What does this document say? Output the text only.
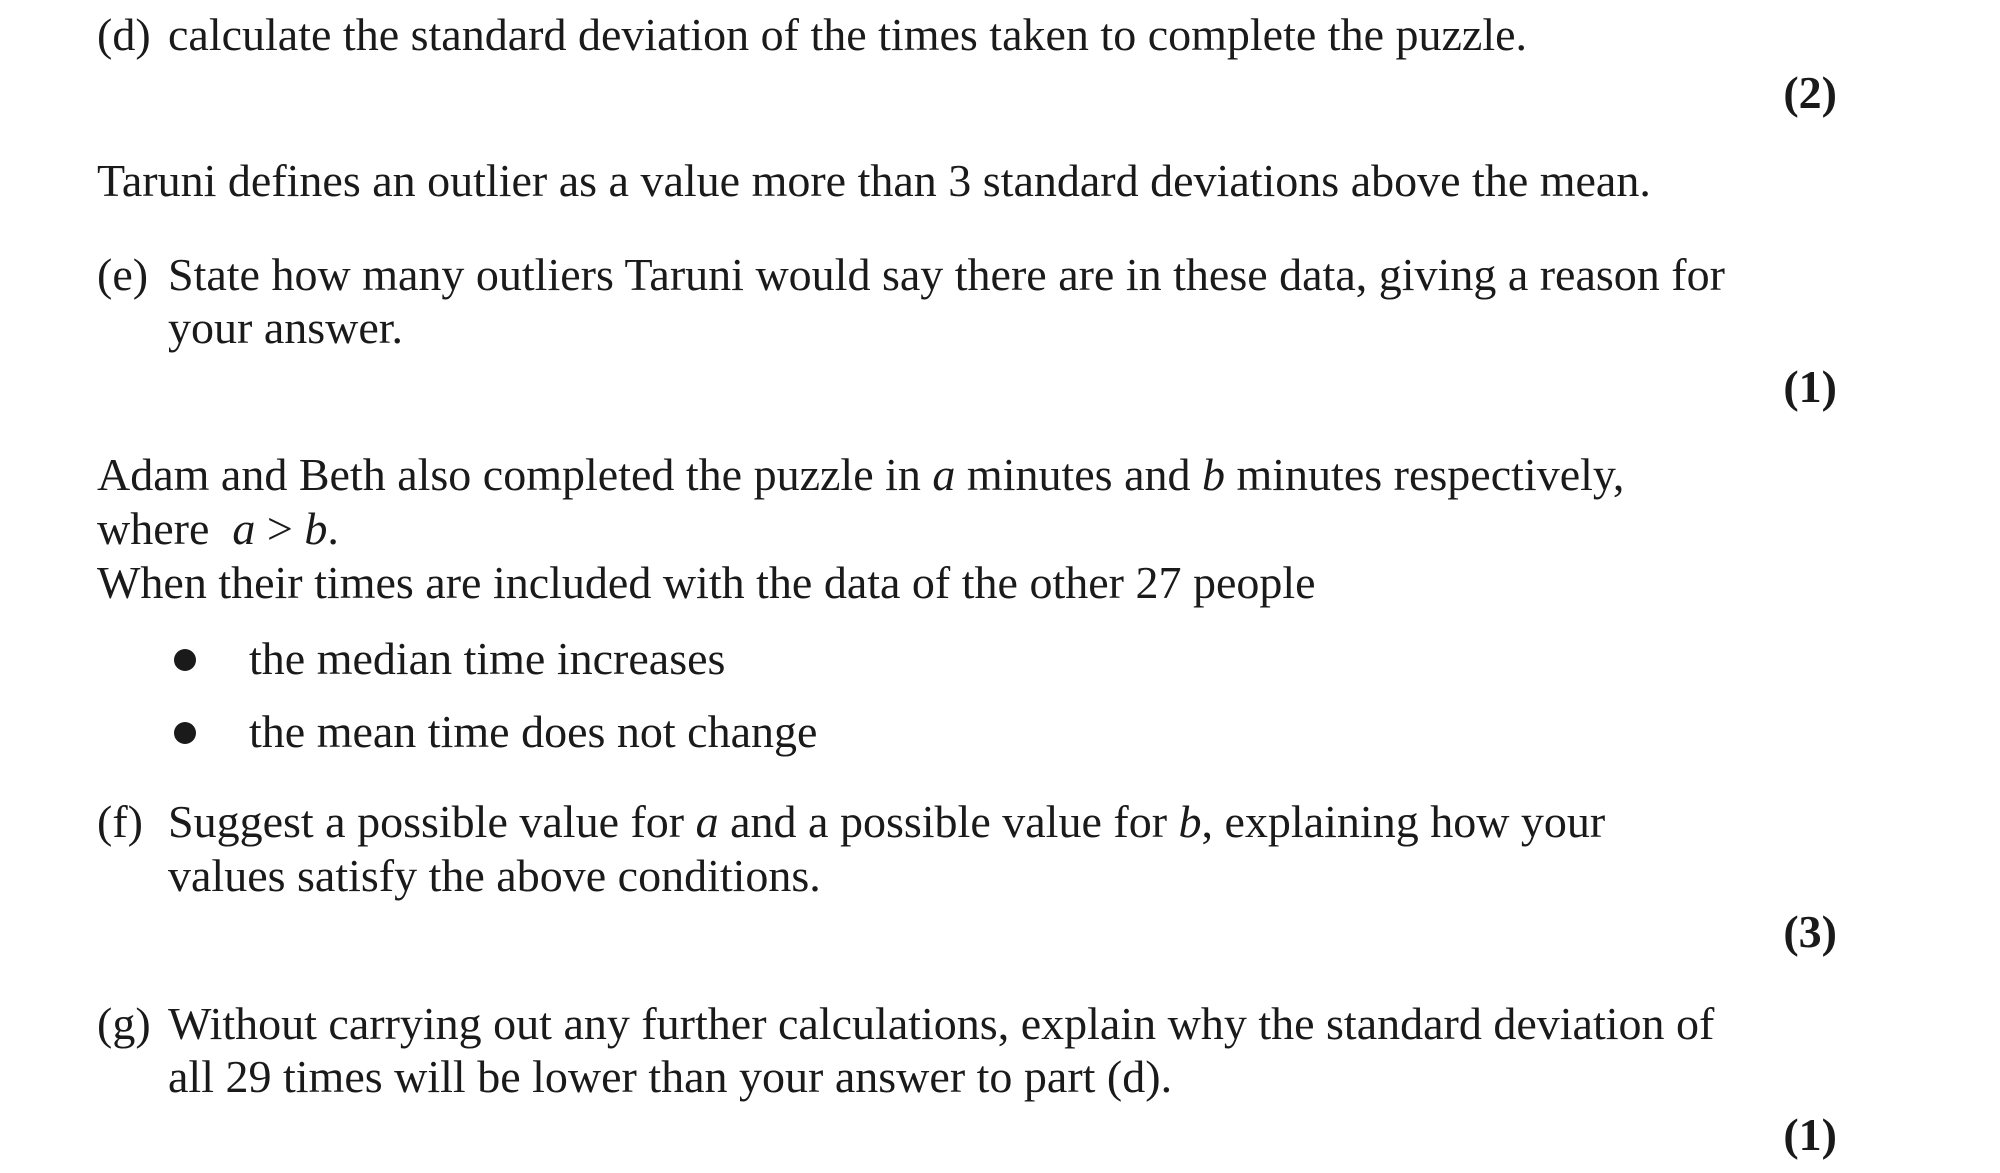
(d) calculate the standard deviation of the times taken to complete the puzzle.
(2)
Taruni defines an outlier as a value more than 3 standard deviations above the mean.
(e) State how many outliers Taruni would say there are in these data, giving a reason for
your answer.
(1)
Adam and Beth also completed the puzzle in a minutes and b minutes respectively,
where  a > b.
When their times are included with the data of the other 27 people
the median time increases
the mean time does not change
(f) Suggest a possible value for a and a possible value for b, explaining how your
values satisfy the above conditions.
(3)
(g) Without carrying out any further calculations, explain why the standard deviation of
all 29 times will be lower than your answer to part (d).
(1)
